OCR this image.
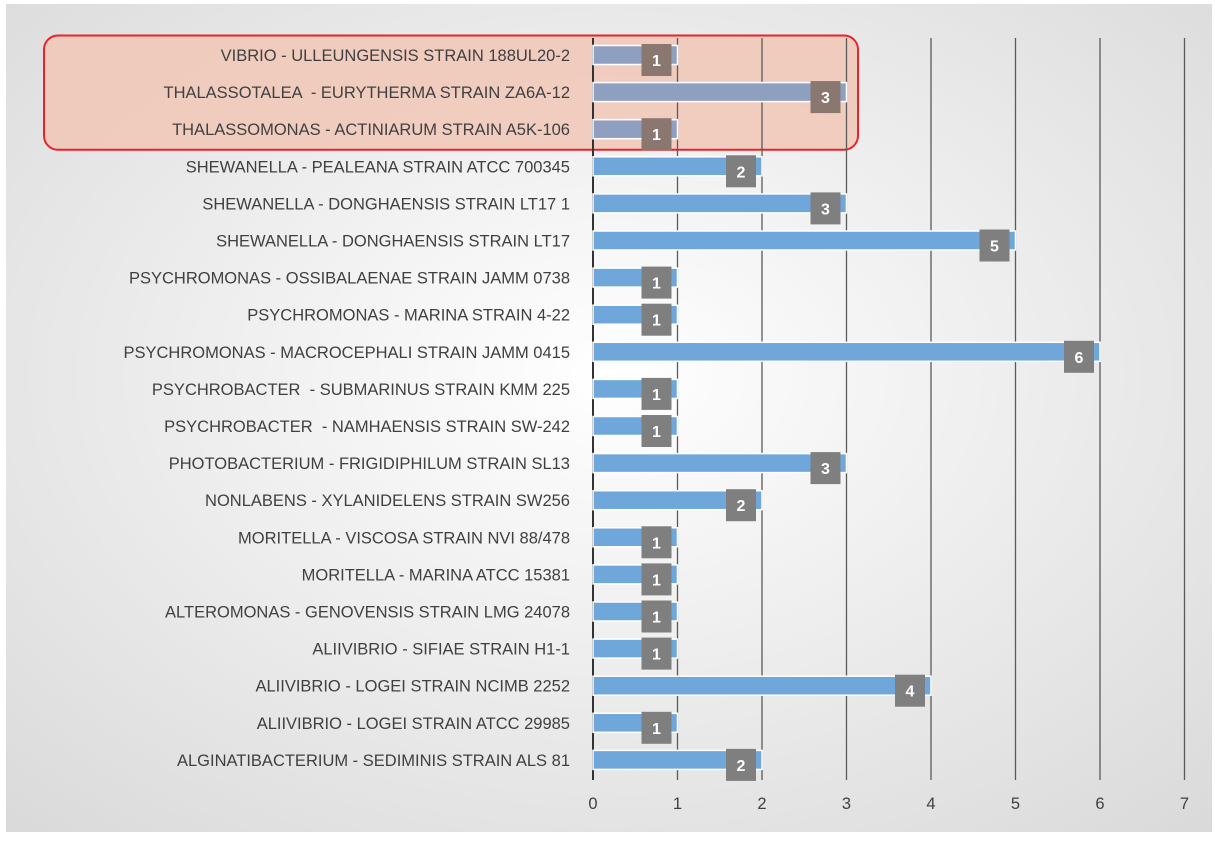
0	1	2	3	4	5	6	7
1
VIBRIO - ULLEUNGENSIS STRAIN 188UL20-2
3
THALASSOTALEA  - EURYTHERMA STRAIN ZA6A-12
1
THALASSOMONAS - ACTINIARUM STRAIN A5K-106
2
SHEWANELLA - PEALEANA STRAIN ATCC 700345
3
SHEWANELLA - DONGHAENSIS STRAIN LT17 1
5
SHEWANELLA - DONGHAENSIS STRAIN LT17
1
PSYCHROMONAS - OSSIBALAENAE STRAIN JAMM 0738
1
PSYCHROMONAS - MARINA STRAIN 4-22
6
PSYCHROMONAS - MACROCEPHALI STRAIN JAMM 0415
1
PSYCHROBACTER  - SUBMARINUS STRAIN KMM 225
1
PSYCHROBACTER  - NAMHAENSIS STRAIN SW-242
3
PHOTOBACTERIUM - FRIGIDIPHILUM STRAIN SL13
2
NONLABENS - XYLANIDELENS STRAIN SW256
1
MORITELLA - VISCOSA STRAIN NVI 88/478
1
MORITELLA - MARINA ATCC 15381
1
ALTEROMONAS - GENOVENSIS STRAIN LMG 24078
1
ALIIVIBRIO - SIFIAE STRAIN H1-1
4
ALIIVIBRIO - LOGEI STRAIN NCIMB 2252
1
ALIIVIBRIO - LOGEI STRAIN ATCC 29985
2
ALGINATIBACTERIUM - SEDIMINIS STRAIN ALS 81
